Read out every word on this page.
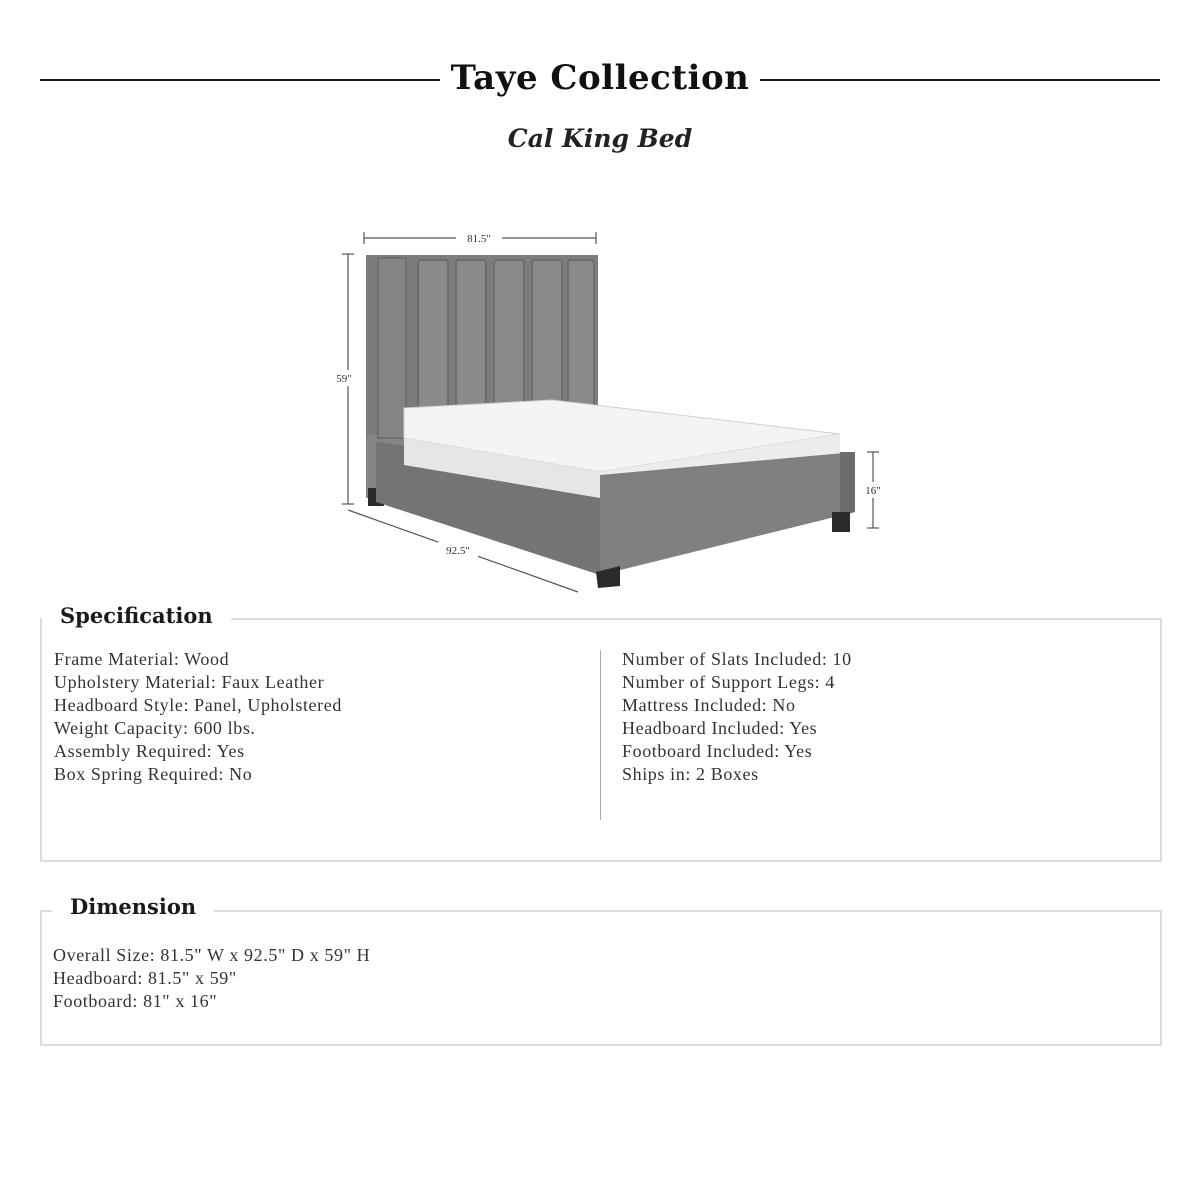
Taye Collection
Cal King Bed
81.5"
59"
92.5"
16"
Specification
Frame Material: Wood
Upholstery Material: Faux Leather
Headboard Style: Panel, Upholstered
Weight Capacity: 600 lbs.
Assembly Required: Yes
Box Spring Required: No
Number of Slats Included: 10
Number of Support Legs: 4
Mattress Included: No
Headboard Included: Yes
Footboard Included: Yes
Ships in: 2 Boxes
Dimension
Overall Size: 81.5" W x 92.5" D x 59" H
Headboard: 81.5" x 59"
Footboard: 81" x 16"
